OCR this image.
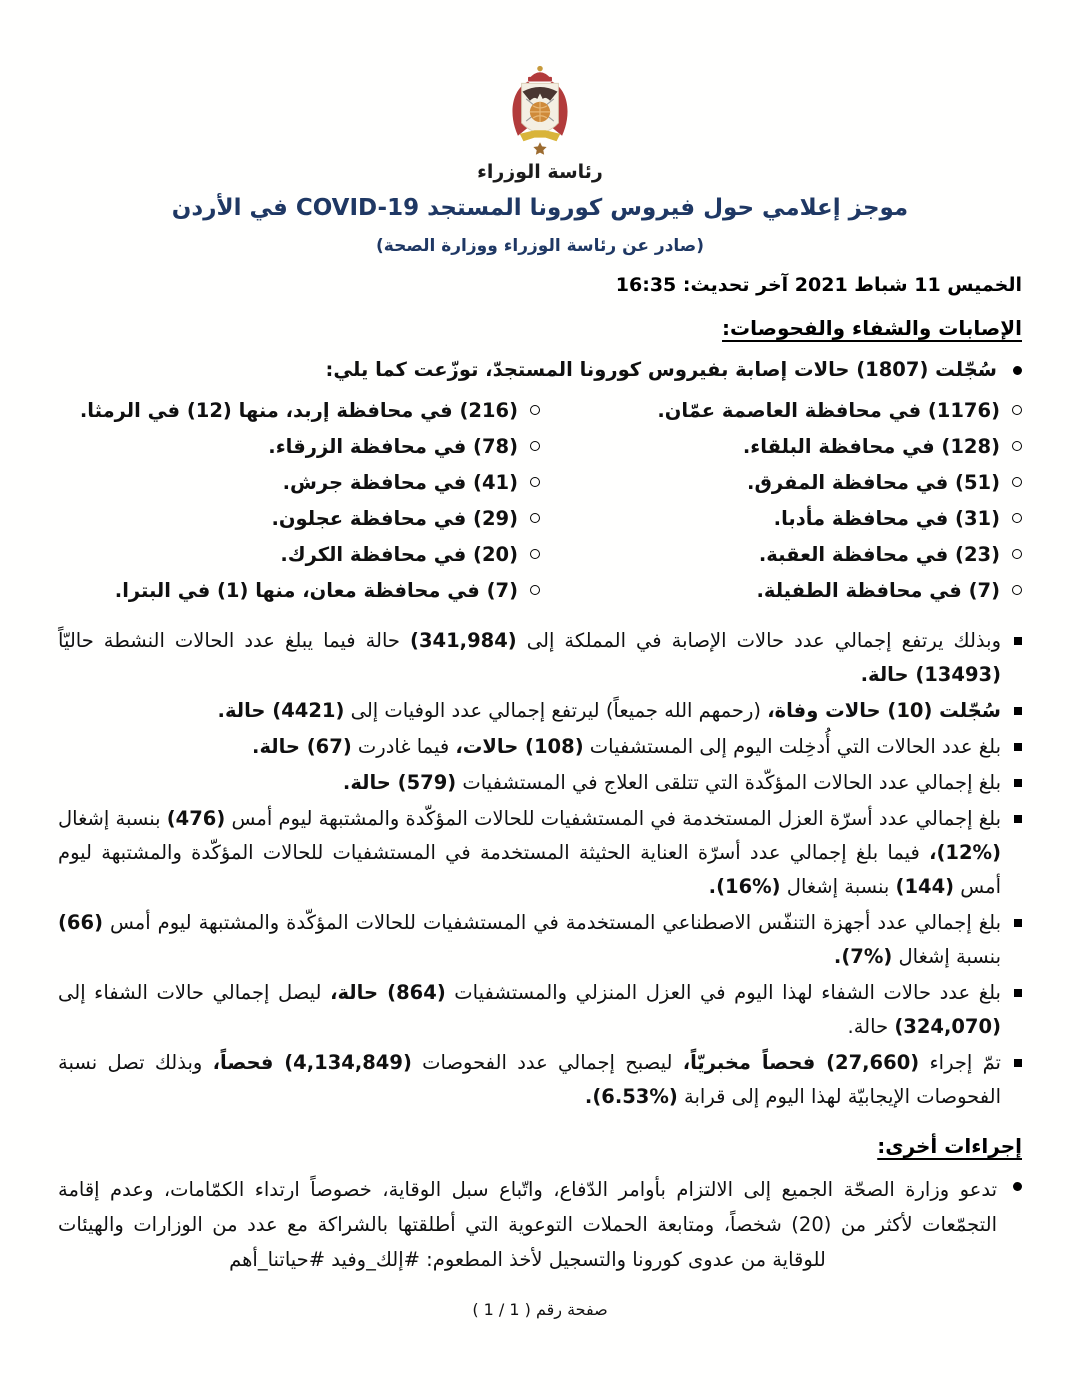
رئاسة الوزراء
موجز إعلامي حول فيروس كورونا المستجد COVID-19 في الأردن
(صادر عن رئاسة الوزراء ووزارة الصحة)
الخميس 11 شباط 2021 آخر تحديث: 16:35
الإصابات والشفاء والفحوصات:
سُجّلت (1807) حالات إصابة بفيروس كورونا المستجدّ، توزّعت كما يلي:
(1176) في محافظة العاصمة عمّان.
(216) في محافظة إربد، منها (12) في الرمثا.
(128) في محافظة البلقاء.
(78) في محافظة الزرقاء.
(51) في محافظة المفرق.
(41) في محافظة جرش.
(31) في محافظة مأدبا.
(29) في محافظة عجلون.
(23) في محافظة العقبة.
(20) في محافظة الكرك.
(7) في محافظة الطفيلة.
(7) في محافظة معان، منها (1) في البترا.
وبذلك يرتفع إجمالي عدد حالات الإصابة في المملكة إلى (341,984) حالة فيما يبلغ عدد الحالات النشطة حاليّاً (13493) حالة.
سُجّلت (10) حالات وفاة، (رحمهم الله جميعاً) ليرتفع إجمالي عدد الوفيات إلى (4421) حالة.
بلغ عدد الحالات التي أُدخِلت اليوم إلى المستشفيات (108) حالات، فيما غادرت (67) حالة.
بلغ إجمالي عدد الحالات المؤكّدة التي تتلقى العلاج في المستشفيات (579) حالة.
بلغ إجمالي عدد أسرّة العزل المستخدمة في المستشفيات للحالات المؤكّدة والمشتبهة ليوم أمس (476) بنسبة إشغال (%12)، فيما بلغ إجمالي عدد أسرّة العناية الحثيثة المستخدمة في المستشفيات للحالات المؤكّدة والمشتبهة ليوم أمس (144) بنسبة إشغال (%16).
بلغ إجمالي عدد أجهزة التنفّس الاصطناعي المستخدمة في المستشفيات للحالات المؤكّدة والمشتبهة ليوم أمس (66) بنسبة إشغال (%7).
بلغ عدد حالات الشفاء لهذا اليوم في العزل المنزلي والمستشفيات (864) حالة، ليصل إجمالي حالات الشفاء إلى (324,070) حالة.
تمّ إجراء (27,660) فحصاً مخبريّاً، ليصبح إجمالي عدد الفحوصات (4,134,849) فحصاً، وبذلك تصل نسبة الفحوصات الإيجابيّة لهذا اليوم إلى قرابة (%6.53).
إجراءات أخرى:
تدعو وزارة الصحّة الجميع إلى الالتزام بأوامر الدّفاع، واتّباع سبل الوقاية، خصوصاً ارتداء الكمّامات، وعدم إقامة التجمّعات لأكثر من (20) شخصاً، ومتابعة الحملات التوعوية التي أطلقتها بالشراكة مع عدد من الوزارات والهيئات للوقاية من عدوى كورونا والتسجيل لأخذ المطعوم: #إلك_وفيد #حياتنا_أهم
صفحة رقم ( 1 / 1 )
